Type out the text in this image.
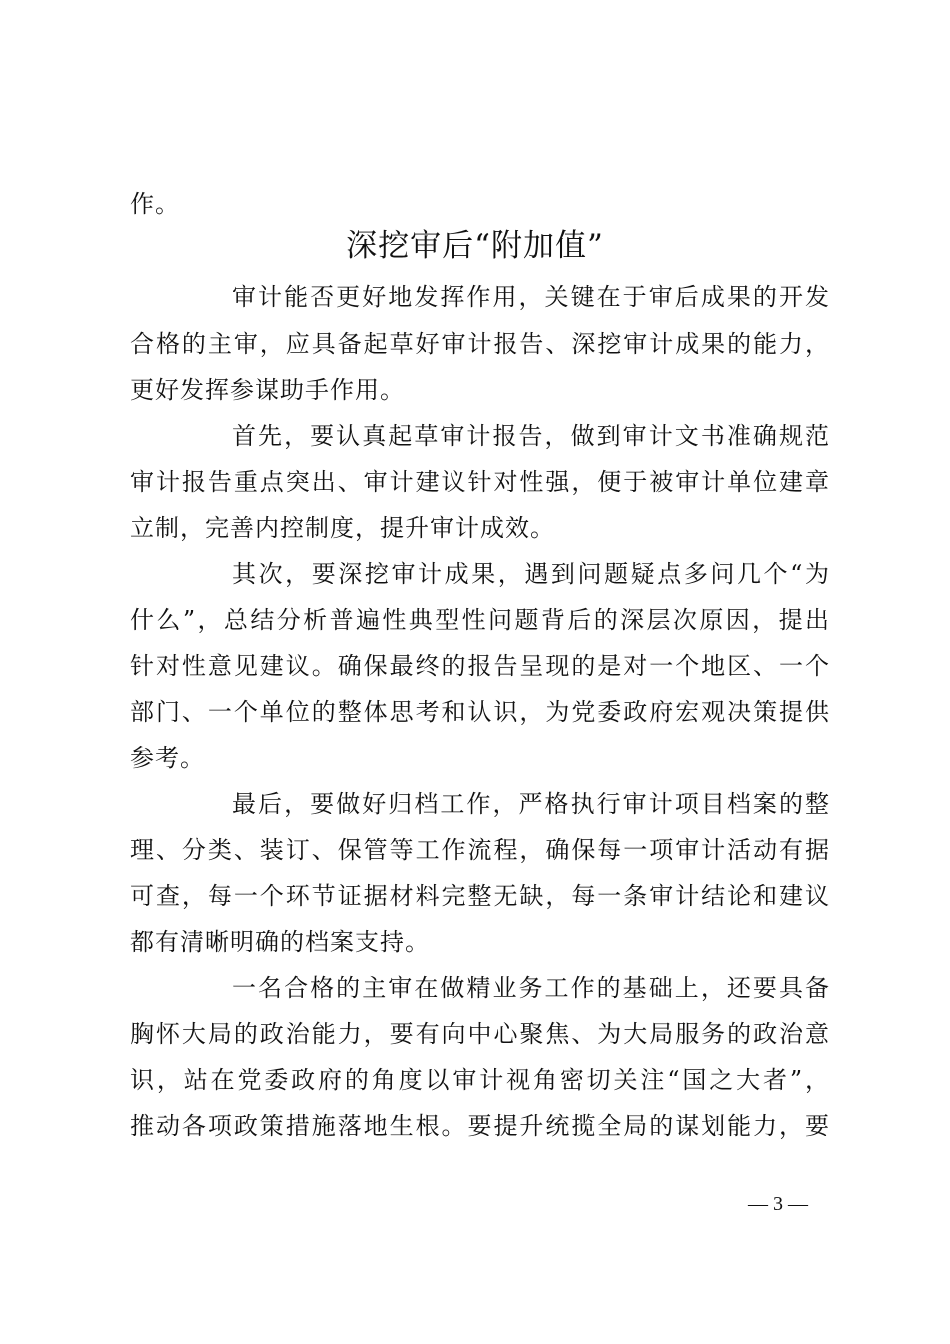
作。
深挖审后“附加值”
审计能否更好地发挥作用，关键在于审后成果的开发
合格的主审，应具备起草好审计报告、深挖审计成果的能力，
更好发挥参谋助手作用。
首先，要认真起草审计报告，做到审计文书准确规范
审计报告重点突出、审计建议针对性强，便于被审计单位建章
立制，完善内控制度，提升审计成效。
其次，要深挖审计成果，遇到问题疑点多问几个“为
什么”，总结分析普遍性典型性问题背后的深层次原因，提出
针对性意见建议。确保最终的报告呈现的是对一个地区、一个
部门、一个单位的整体思考和认识，为党委政府宏观决策提供
参考。
最后，要做好归档工作，严格执行审计项目档案的整
理、分类、装订、保管等工作流程，确保每一项审计活动有据
可查，每一个环节证据材料完整无缺，每一条审计结论和建议
都有清晰明确的档案支持。
一名合格的主审在做精业务工作的基础上，还要具备
胸怀大局的政治能力，要有向中心聚焦、为大局服务的政治意
识，站在党委政府的角度以审计视角密切关注“国之大者”，
推动各项政策措施落地生根。要提升统揽全局的谋划能力，要
— 3 —
